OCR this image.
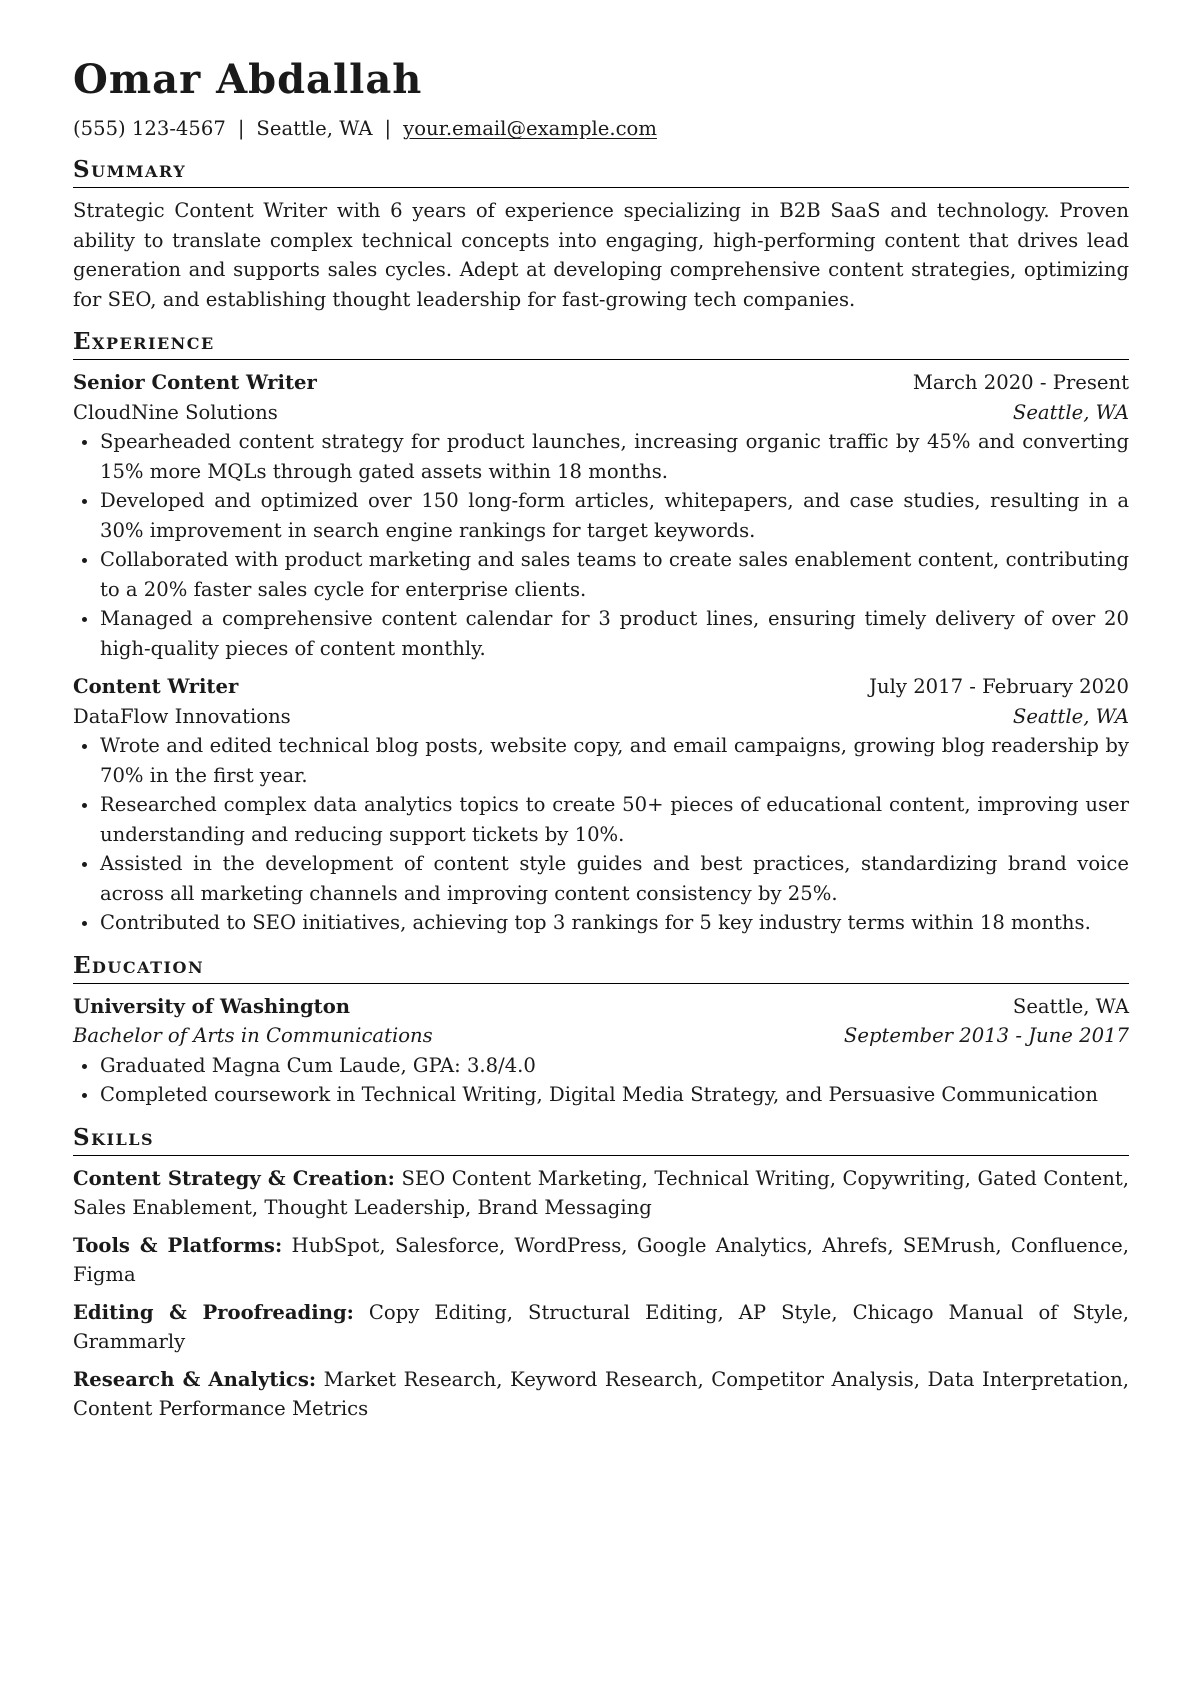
Omar Abdallah
(555) 123-4567 | Seattle, WA | your.email@example.com
Summary

Strategic Content Writer with 6 years of experience specializing in B2B SaaS and technology. Proven ability to translate complex technical concepts into engaging, high-performing content that drives lead generation and supports sales cycles. Adept at developing comprehensive content strategies, optimizing for SEO, and establishing thought leadership for fast-growing tech companies.

Experience
Senior Content Writer	March 2020 - Present
CloudNine Solutions	Seattle, WA
Spearheaded content strategy for product launches, increasing organic traffic by 45% and converting 15% more MQLs through gated assets within 18 months.
Developed and optimized over 150 long-form articles, whitepapers, and case studies, resulting in a 30% improvement in search engine rankings for target keywords.
Collaborated with product marketing and sales teams to create sales enablement content, contributing to a 20% faster sales cycle for enterprise clients.
Managed a comprehensive content calendar for 3 product lines, ensuring timely delivery of over 20 high-quality pieces of content monthly.
Content Writer	July 2017 - February 2020
DataFlow Innovations	Seattle, WA
Wrote and edited technical blog posts, website copy, and email campaigns, growing blog readership by 70% in the first year.
Researched complex data analytics topics to create 50+ pieces of educational content, improving user understanding and reducing support tickets by 10%.
Assisted in the development of content style guides and best practices, standardizing brand voice across all marketing channels and improving content consistency by 25%.
Contributed to SEO initiatives, achieving top 3 rankings for 5 key industry terms within 18 months.
Education
University of Washington	Seattle, WA
Bachelor of Arts in Communications	September 2013 - June 2017
Graduated Magna Cum Laude, GPA: 3.8/4.0
Completed coursework in Technical Writing, Digital Media Strategy, and Persuasive Communication
Skills

Content Strategy & Creation: SEO Content Marketing, Technical Writing, Copywriting, Gated Content, Sales Enablement, Thought Leadership, Brand Messaging

Tools & Platforms: HubSpot, Salesforce, WordPress, Google Analytics, Ahrefs, SEMrush, Confluence, Figma

Editing & Proofreading: Copy Editing, Structural Editing, AP Style, Chicago Manual of Style, Grammarly

Research & Analytics: Market Research, Keyword Research, Competitor Analysis, Data Interpretation, Content Performance Metrics
